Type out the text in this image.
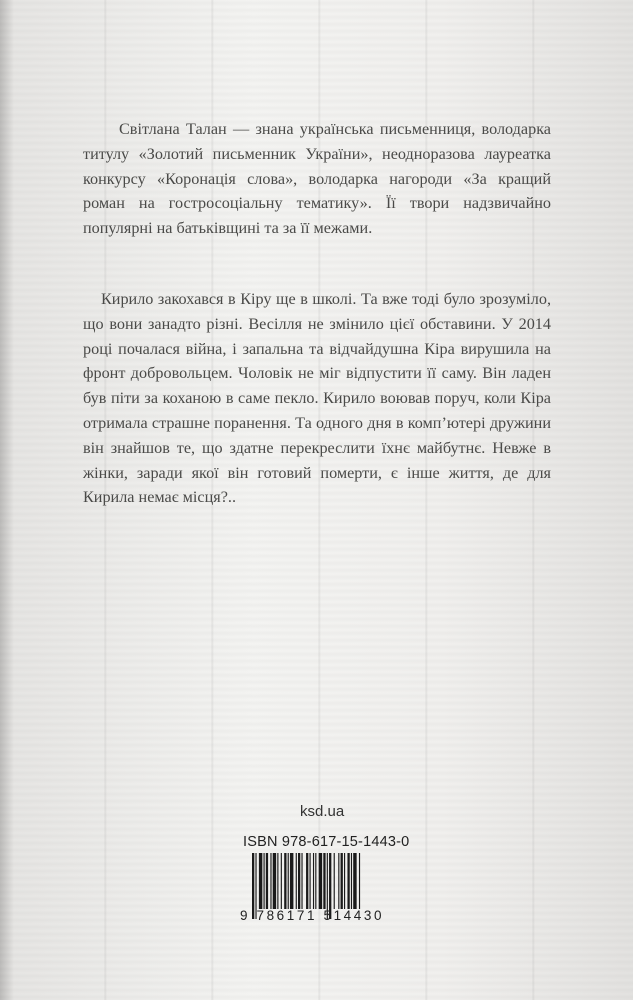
Світлана Талан — знана українська письменниця, володарка титулу «Золотий письменник України», неодноразова лауреатка конкурсу «Коронація слова», володарка нагороди «За кращий роман на гостросоціальну тематику». Її твори надзвичайно популярні на батьківщині та за її межами.

Кирило закохався в Кіру ще в школі. Та вже тоді було зрозуміло, що вони занадто різні. Весілля не змінило цієї обставини. У 2014 році почалася війна, і запальна та відчайдушна Кіра вирушила на фронт добровольцем. Чоловік не міг відпустити її саму. Він ладен був піти за коханою в саме пекло. Кирило воював поруч, коли Кіра отримала страшне поранення. Та одного дня в комп’ютері дружини він знайшов те, що здатне перекреслити їхнє майбутнє. Невже в жінки, заради якої він готовий померти, є інше життя, де для Кирила немає місця?..

ksd.ua
ISBN 978-617-15-1443-0
9 786171 514430
